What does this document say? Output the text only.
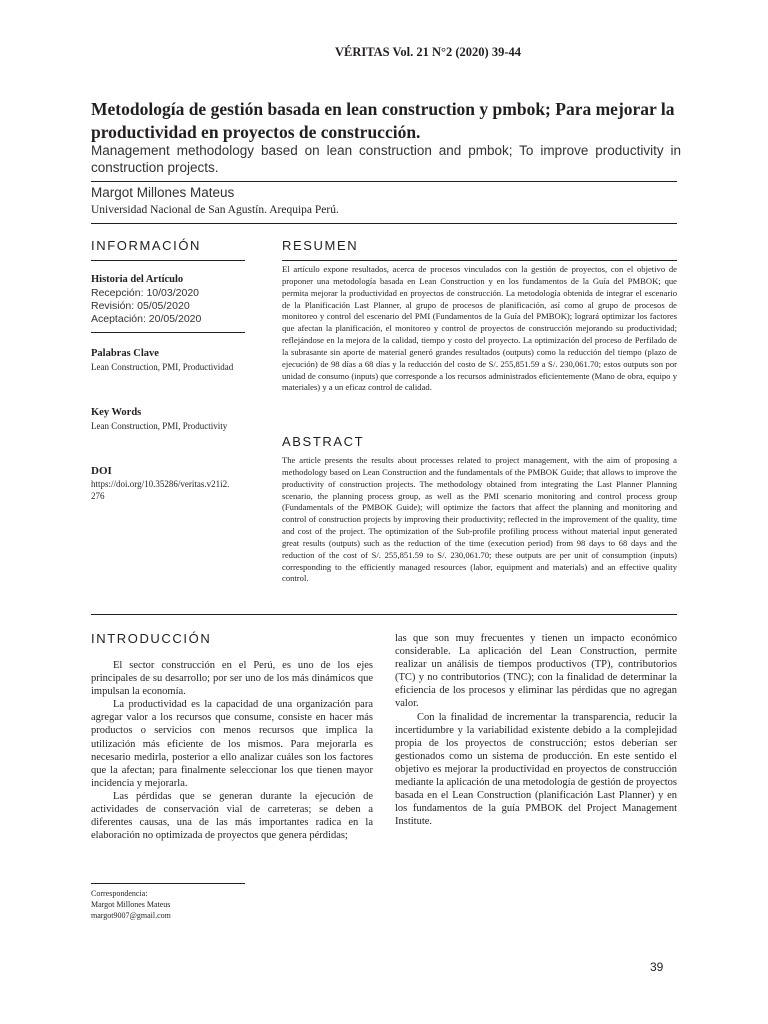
VÉRITAS Vol. 21 N°2 (2020) 39-44
Metodología de gestión basada en lean construction y pmbok; Para mejorar la productividad en proyectos de construcción.
Management methodology based on lean construction and pmbok; To improve productivity in construction projects.
Margot Millones Mateus
Universidad Nacional de San Agustín. Arequipa Perú.
INFORMACIÓN
Historia del Artículo
Recepción: 10/03/2020
Revisión: 05/05/2020
Aceptación: 20/05/2020
Palabras Clave
Lean Construction, PMI, Productividad
Key Words
Lean Construction, PMI, Productivity
DOI
https://doi.org/10.35286/veritas.v21i2.276
RESUMEN
El artículo expone resultados, acerca de procesos vinculados con la gestión de proyectos, con el objetivo de proponer una metodología basada en Lean Construction y en los fundamentos de la Guía del PMBOK; que permita mejorar la productividad en proyectos de construcción. La metodología obtenida de integrar el escenario de la Planificación Last Planner, al grupo de procesos de planificación, así como al grupo de procesos de monitoreo y control del escenario del PMI (Fundamentos de la Guía del PMBOK); logrará optimizar los factores que afectan la planificación, el monitoreo y control de proyectos de construcción mejorando su productividad; reflejándose en la mejora de la calidad, tiempo y costo del proyecto. La optimización del proceso de Perfilado de la subrasante sin aporte de material generó grandes resultados (outputs) como la reducción del tiempo (plazo de ejecución) de 98 días a 68 días y la reducción del costo de S/. 255,851.59 a S/. 230,061.70; estos outputs son por unidad de consumo (inputs) que corresponde a los recursos administrados eficientemente (Mano de obra, equipo y materiales) y a un eficaz control de calidad.
ABSTRACT
The article presents the results about processes related to project management, with the aim of proposing a methodology based on Lean Construction and the fundamentals of the PMBOK Guide; that allows to improve the productivity of construction projects. The methodology obtained from integrating the Last Planner Planning scenario, the planning process group, as well as the PMI scenario monitoring and control process group (Fundamentals of the PMBOK Guide); will optimize the factors that affect the planning and monitoring and control of construction projects by improving their productivity; reflected in the improvement of the quality, time and cost of the project. The optimization of the Sub-profile profiling process without material input generated great results (outputs) such as the reduction of the time (execution period) from 98 days to 68 days and the reduction of the cost of S/. 255,851.59 to S/. 230,061.70; these outputs are per unit of consumption (inputs) corresponding to the efficiently managed resources (labor, equipment and materials) and an effective quality control.
INTRODUCCIÓN

El sector construcción en el Perú, es uno de los ejes principales de su desarrollo; por ser uno de los más dinámicos que impulsan la economía.

La productividad es la capacidad de una organización para agregar valor a los recursos que consume, consiste en hacer más productos o servicios con menos recursos que implica la utilización más eficiente de los mismos. Para mejorarla es necesario medirla, posterior a ello analizar cuáles son los factores que la afectan; para finalmente seleccionar los que tienen mayor incidencia y mejorarla.

Las pérdidas que se generan durante la ejecución de actividades de conservación vial de carreteras; se deben a diferentes causas, una de las más importantes radica en la elaboración no optimizada de proyectos que genera pérdidas;

las que son muy frecuentes y tienen un impacto económico considerable. La aplicación del Lean Construction, permite realizar un análisis de tiempos productivos (TP), contributorios (TC) y no contributorios (TNC); con la finalidad de determinar la eficiencia de los procesos y eliminar las pérdidas que no agregan valor.

Con la finalidad de incrementar la transparencia, reducir la incertidumbre y la variabilidad existente debido a la complejidad propia de los proyectos de construcción; estos deberían ser gestionados como un sistema de producción. En este sentido el objetivo es mejorar la productividad en proyectos de construcción mediante la aplicación de una metodología de gestión de proyectos basada en el Lean Construction (planificación Last Planner) y en los fundamentos de la guía PMBOK del Project Management Institute.

Correspondencia:
Margot Millones Mateus
margot9007@gmail.com
39
